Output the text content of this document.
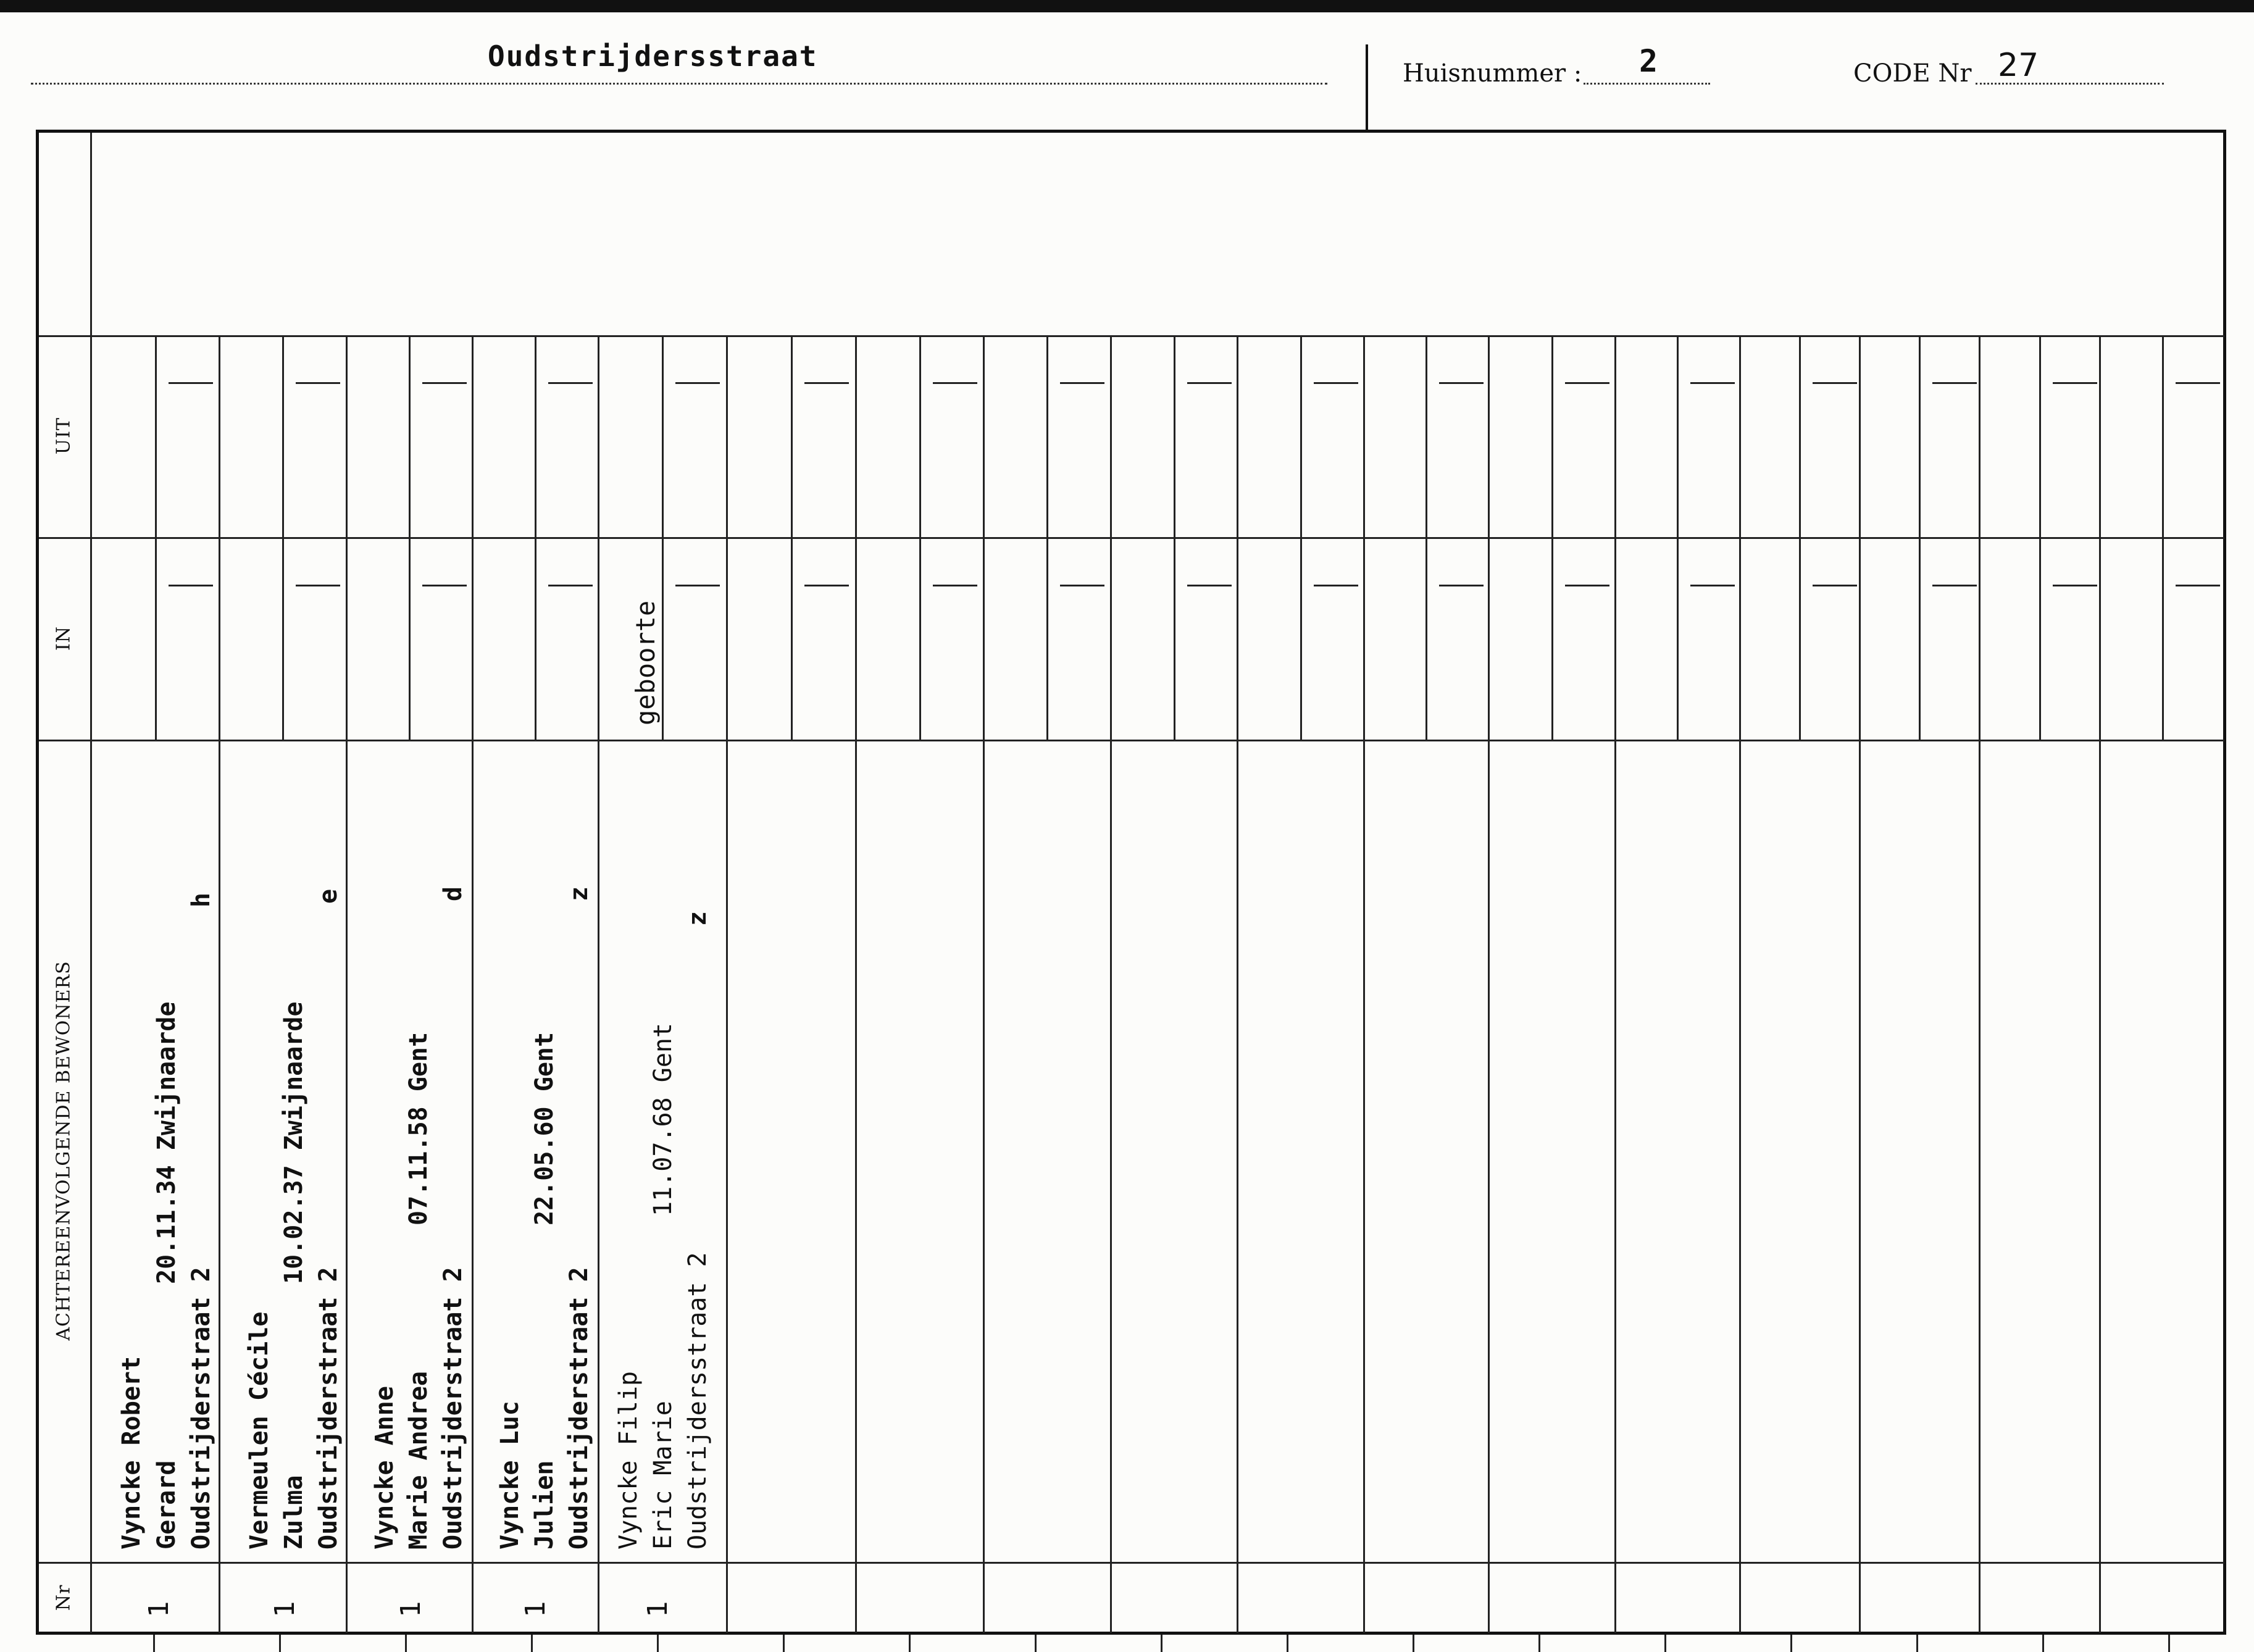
Oudstrijdersstraat
Huisnummer : 2	CODE Nr 27
UIT
IN
ACHTEREENVOLGENDE BEWONERS
Nr
Vyncke Robert Gerard
20.11.34 Zwijnaarde
Oudstrijderstraat 2
h
Vermeulen Cécile Zulma
10.02.37 Zwijnaarde
Oudstrijderstraat 2
e
Vyncke Anne Marie Andrea
07.11.58 Gent
Oudstrijderstraat 2
d
Vyncke Luc Julien
22.05.60 Gent
Oudstrijderstraat 2
z
Vyncke Filip Eric Marie
11.07.68 Gent
Oudstrijdersstraat 2
z
geboorte
1	1	1	1	1
